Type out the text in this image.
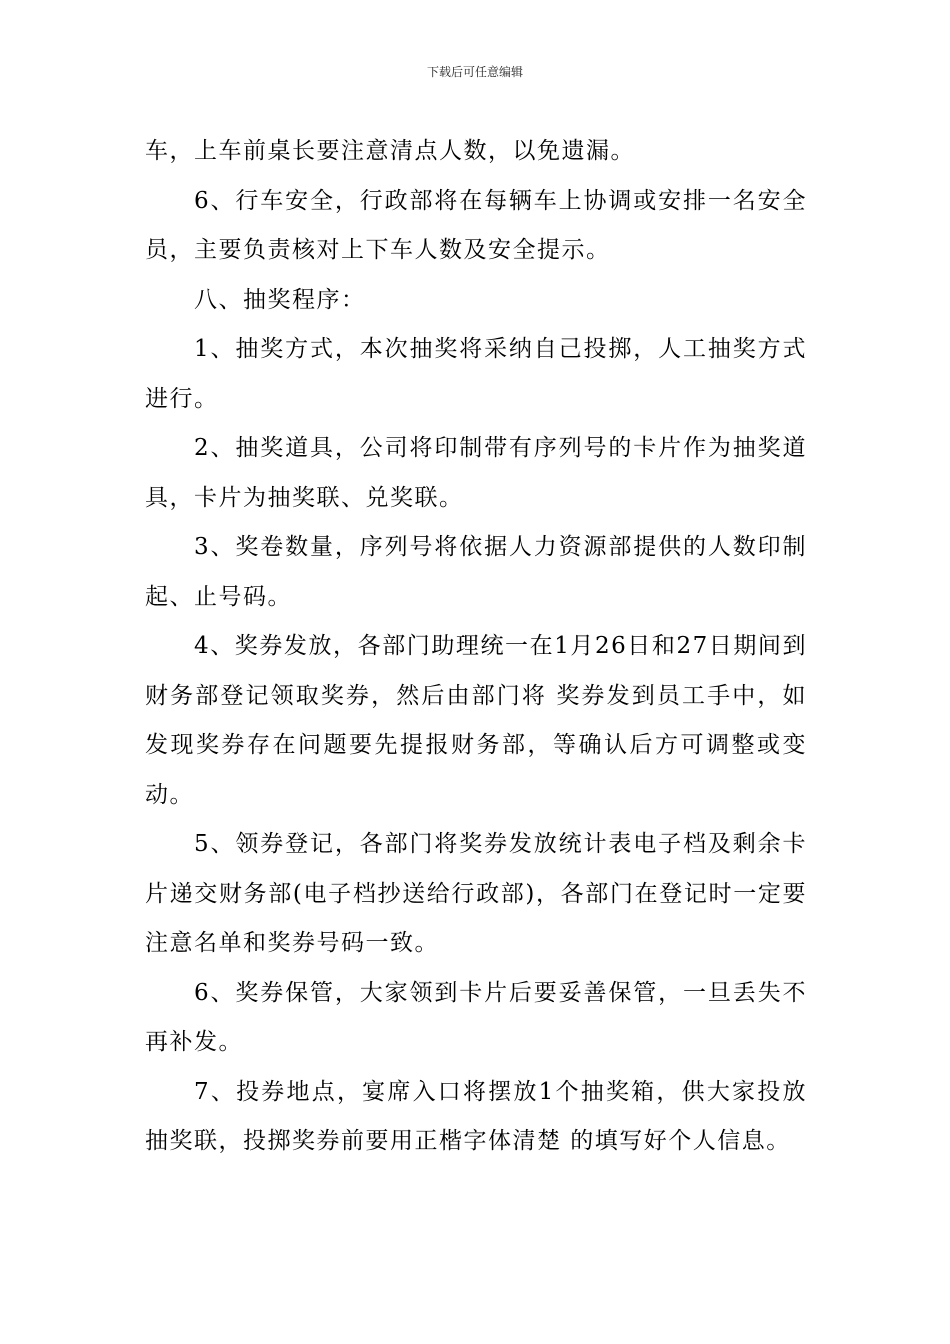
下载后可任意编辑

车，上车前桌长要注意清点人数，以免遗漏。

6、行车安全，行政部将在每辆车上协调或安排一名安全员，主要负责核对上下车人数及安全提示。

八、抽奖程序：

1、抽奖方式，本次抽奖将采纳自己投掷，人工抽奖方式进行。

2、抽奖道具，公司将印制带有序列号的卡片作为抽奖道具，卡片为抽奖联、兑奖联。

3、奖卷数量，序列号将依据人力资源部提供的人数印制起、止号码。

4、奖券发放，各部门助理统一在1月26日和27日期间到财务部登记领取奖券，然后由部门将 奖券发到员工手中，如发现奖券存在问题要先提报财务部，等确认后方可调整或变动。

5、领券登记，各部门将奖券发放统计表电子档及剩余卡片递交财务部(电子档抄送给行政部)，各部门在登记时一定要注意名单和奖券号码一致。

6、奖券保管，大家领到卡片后要妥善保管，一旦丢失不再补发。

7、投券地点，宴席入口将摆放1个抽奖箱，供大家投放抽奖联，投掷奖券前要用正楷字体清楚 的填写好个人信息。
